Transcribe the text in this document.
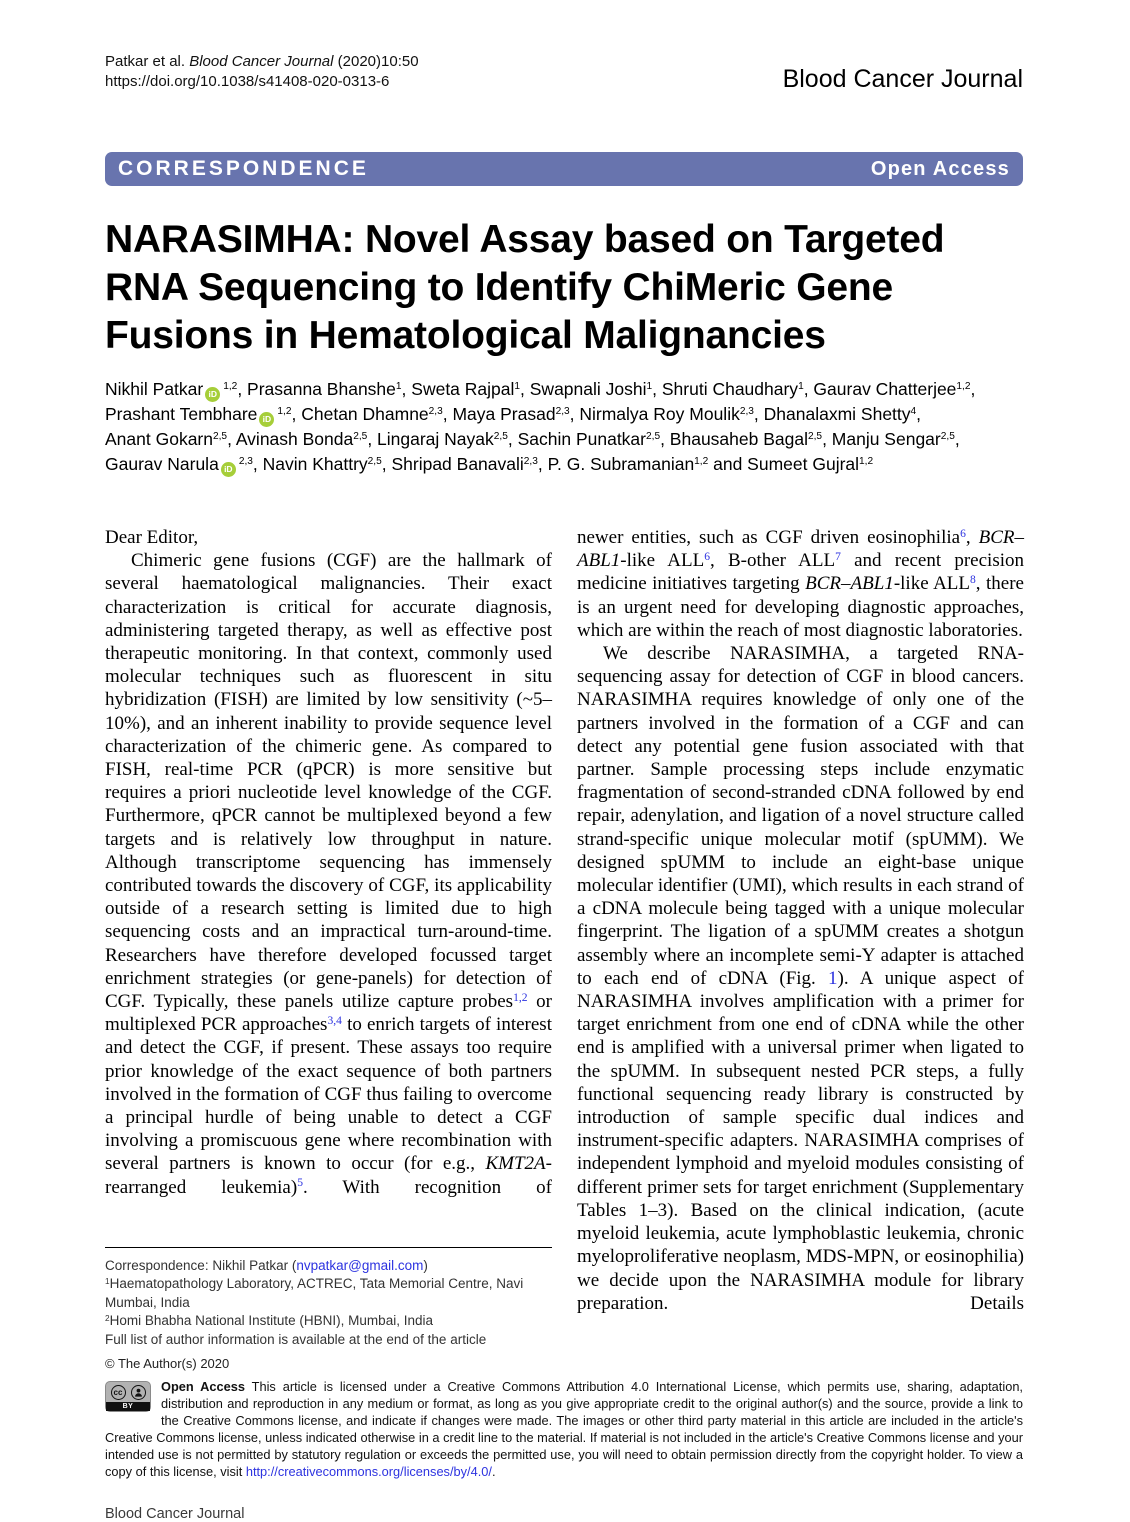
Patkar et al. Blood Cancer Journal (2020)10:50
https://doi.org/10.1038/s41408-020-0313-6	Blood Cancer Journal
CORRESPONDENCE	Open Access
NARASIMHA: Novel Assay based on Targeted RNA Sequencing to Identify ChiMeric Gene Fusions in Hematological Malignancies
Nikhil Patkar iD$^{1,2}$, Prasanna Bhanshe$^1$, Sweta Rajpal$^1$, Swapnali Joshi$^1$, Shruti Chaudhary$^1$, Gaurav Chatterjee$^{1,2}$,
Prashant Tembhare iD$^{1,2}$, Chetan Dhamne$^{2,3}$, Maya Prasad$^{2,3}$, Nirmalya Roy Moulik$^{2,3}$, Dhanalaxmi Shetty$^4$,
Anant Gokarn$^{2,5}$, Avinash Bonda$^{2,5}$, Lingaraj Nayak$^{2,5}$, Sachin Punatkar$^{2,5}$, Bhausaheb Bagal$^{2,5}$, Manju Sengar$^{2,5}$,
Gaurav Narula iD$^{2,3}$, Navin Khattry$^{2,5}$, Shripad Banavali$^{2,3}$, P. G. Subramanian$^{1,2}$ and Sumeet Gujral$^{1,2}$

Dear Editor,

Chimeric gene fusions (CGF) are the hallmark of several haematological malignancies. Their exact characterization is critical for accurate diagnosis, administering targeted therapy, as well as effective post therapeutic monitoring. In that context, commonly used molecular techniques such as fluorescent in situ hybridization (FISH) are limited by low sensitivity (~5–10%), and an inherent inability to provide sequence level characterization of the chimeric gene. As compared to FISH, real-time PCR (qPCR) is more sensitive but requires a priori nucleotide level knowledge of the CGF. Furthermore, qPCR cannot be multiplexed beyond a few targets and is relatively low throughput in nature. Although transcriptome sequencing has immensely contributed towards the discovery of CGF, its applicability outside of a research setting is limited due to high sequencing costs and an impractical turn-around-time. Researchers have therefore developed focussed target enrichment strategies (or gene-panels) for detection of CGF. Typically, these panels utilize capture probes$^{1,2}$ or multiplexed PCR approaches$^{3,4}$ to enrich targets of interest and detect the CGF, if present. These assays too require prior knowledge of the exact sequence of both partners involved in the formation of CGF thus failing to overcome a principal hurdle of being unable to detect a CGF involving a promiscuous gene where recombination with several partners is known to occur (for e.g., KMT2A-rearranged leukemia)$^5$. With recognition of

Correspondence: Nikhil Patkar (nvpatkar@gmail.com)

$^1$Haematopathology Laboratory, ACTREC, Tata Memorial Centre, Navi Mumbai, India

$^2$Homi Bhabha National Institute (HBNI), Mumbai, India

Full list of author information is available at the end of the article

newer entities, such as CGF driven eosinophilia$^6$, BCR–ABL1-like ALL$^6$, B-other ALL$^7$ and recent precision medicine initiatives targeting BCR–ABL1-like ALL$^8$, there is an urgent need for developing diagnostic approaches, which are within the reach of most diagnostic laboratories.

We describe NARASIMHA, a targeted RNA-sequencing assay for detection of CGF in blood cancers. NARASIMHA requires knowledge of only one of the partners involved in the formation of a CGF and can detect any potential gene fusion associated with that partner. Sample processing steps include enzymatic fragmentation of second-stranded cDNA followed by end repair, adenylation, and ligation of a novel structure called strand-specific unique molecular motif (spUMM). We designed spUMM to include an eight-base unique molecular identifier (UMI), which results in each strand of a cDNA molecule being tagged with a unique molecular fingerprint. The ligation of a spUMM creates a shotgun assembly where an incomplete semi-Y adapter is attached to each end of cDNA (Fig. 1). A unique aspect of NARASIMHA involves amplification with a primer for target enrichment from one end of cDNA while the other end is amplified with a universal primer when ligated to the spUMM. In subsequent nested PCR steps, a fully functional sequencing ready library is constructed by introduction of sample specific dual indices and instrument-specific adapters. NARASIMHA comprises of independent lymphoid and myeloid modules consisting of different primer sets for target enrichment (Supplementary Tables 1–3). Based on the clinical indication, (acute myeloid leukemia, acute lymphoblastic leukemia, chronic myeloproliferative neoplasm, MDS-MPN, or eosinophilia) we decide upon the NARASIMHA module for library preparation. Details

© The Author(s) 2020
cc
BY

Open Access This article is licensed under a Creative Commons Attribution 4.0 International License, which permits use, sharing, adaptation, distribution and reproduction in any medium or format, as long as you give appropriate credit to the original author(s) and the source, provide a link to the Creative Commons license, and indicate if changes were made. The images or other third party material in this article are included in the article's Creative Commons license, unless indicated otherwise in a credit line to the material. If material is not included in the article's Creative Commons license and your intended use is not permitted by statutory regulation or exceeds the permitted use, you will need to obtain permission directly from the copyright holder. To view a copy of this license, visit http://creativecommons.org/licenses/by/4.0/.

Blood Cancer Journal
